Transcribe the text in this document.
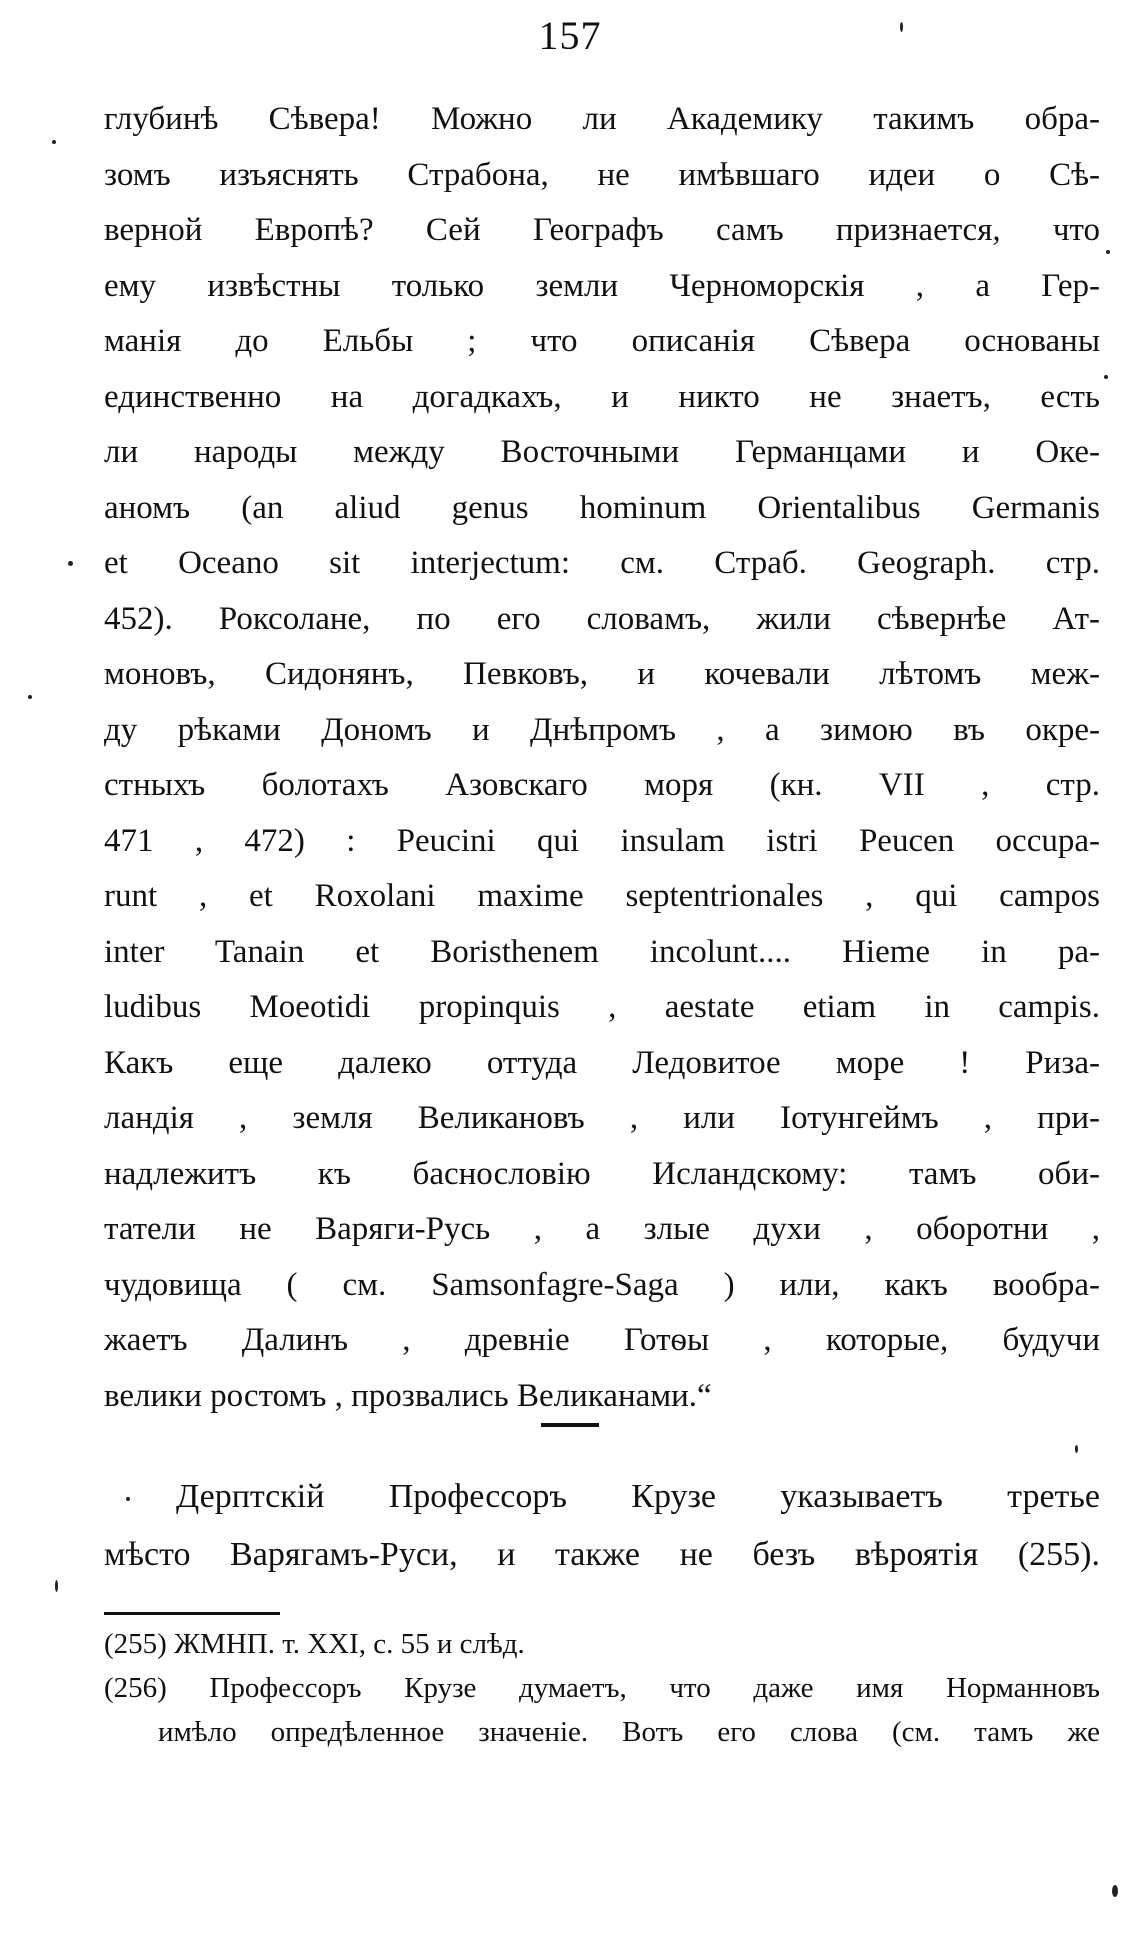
157
глубинѣ Сѣвера! Можно ли Академику такимъ обра-
зомъ изъяснять Страбона, не имѣвшаго идеи о Сѣ-
верной Европѣ? Сей Географъ самъ признается, что
ему извѣстны только земли Черноморскія , а Гер-
манія до Ельбы ; что описанія Сѣвера основаны
единственно на догадкахъ, и никто не знаетъ, есть
ли народы между Восточными Германцами и Оке-
аномъ (an aliud genus hominum Orientalibus Germanis
et Oceano sit interjectum: см. Страб. Geograph. стр.
452). Роксолане, по его словамъ, жили сѣвернѣе Ат-
моновъ, Сидонянъ, Певковъ, и кочевали лѣтомъ меж-
ду рѣками Дономъ и Днѣпромъ , а зимою въ окре-
стныхъ болотахъ Азовскаго моря (кн. VII , стр.
471 , 472) : Peucini qui insulam istri Peucen occupa-
runt , et Roxolani maxime septentrionales , qui campos
inter Tanain et Boristhenem incolunt.... Hieme in pa-
ludibus Moeotidi propinquis , aestate etiam in campis.
Какъ еще далеко оттуда Ледовитое море ! Риза-
ландія , земля Великановъ , или Іотунгеймъ , при-
надлежитъ къ баснословію Исландскому: тамъ оби-
татели не Варяги-Русь , а злые духи , оборотни ,
чудовища ( см. Samsonfagre-Saga ) или, какъ вообра-
жаетъ Далинъ , древніе Готѳы , которые, будучи
велики ростомъ , прозвались Великанами.“
Дерптскій Профессоръ Крузе указываетъ третье
мѣсто Варягамъ-Руси, и также не безъ вѣроятія (255).
(255) ЖМНП. т. XXI, с. 55 и слѣд.
(256) Профессоръ Крузе думаетъ, что даже имя Норманновъ
имѣло опредѣленное значеніе. Вотъ его слова (см. тамъ же
